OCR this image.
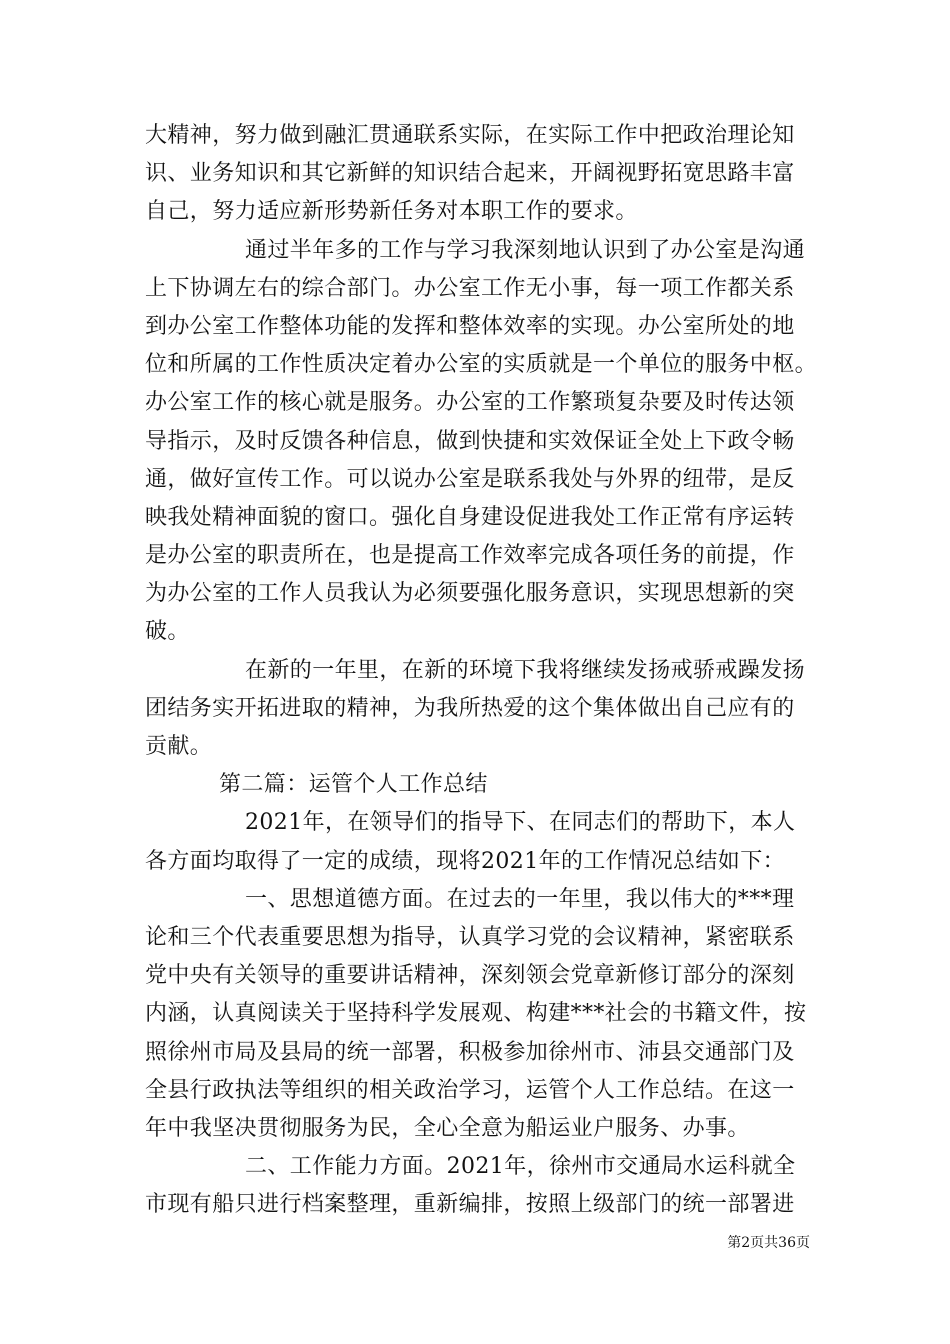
大精神，努力做到融汇贯通联系实际，在实际工作中把政治理论知
识、业务知识和其它新鲜的知识结合起来，开阔视野拓宽思路丰富
自己，努力适应新形势新任务对本职工作的要求。
通过半年多的工作与学习我深刻地认识到了办公室是沟通
上下协调左右的综合部门。办公室工作无小事，每一项工作都关系
到办公室工作整体功能的发挥和整体效率的实现。办公室所处的地
位和所属的工作性质决定着办公室的实质就是一个单位的服务中枢。
办公室工作的核心就是服务。办公室的工作繁琐复杂要及时传达领
导指示，及时反馈各种信息，做到快捷和实效保证全处上下政令畅
通，做好宣传工作。可以说办公室是联系我处与外界的纽带，是反
映我处精神面貌的窗口。强化自身建设促进我处工作正常有序运转
是办公室的职责所在，也是提高工作效率完成各项任务的前提，作
为办公室的工作人员我认为必须要强化服务意识，实现思想新的突
破。
在新的一年里，在新的环境下我将继续发扬戒骄戒躁发扬
团结务实开拓进取的精神，为我所热爱的这个集体做出自己应有的
贡献。
第二篇：运管个人工作总结
2021年，在领导们的指导下、在同志们的帮助下，本人
各方面均取得了一定的成绩，现将2021年的工作情况总结如下：
一、思想道德方面。在过去的一年里，我以伟大的***理
论和三个代表重要思想为指导，认真学习党的会议精神，紧密联系
党中央有关领导的重要讲话精神，深刻领会党章新修订部分的深刻
内涵，认真阅读关于坚持科学发展观、构建***社会的书籍文件，按
照徐州市局及县局的统一部署，积极参加徐州市、沛县交通部门及
全县行政执法等组织的相关政治学习，运管个人工作总结。在这一
年中我坚决贯彻服务为民，全心全意为船运业户服务、办事。
二、工作能力方面。2021年，徐州市交通局水运科就全
市现有船只进行档案整理，重新编排，按照上级部门的统一部署进
第2页共36页
